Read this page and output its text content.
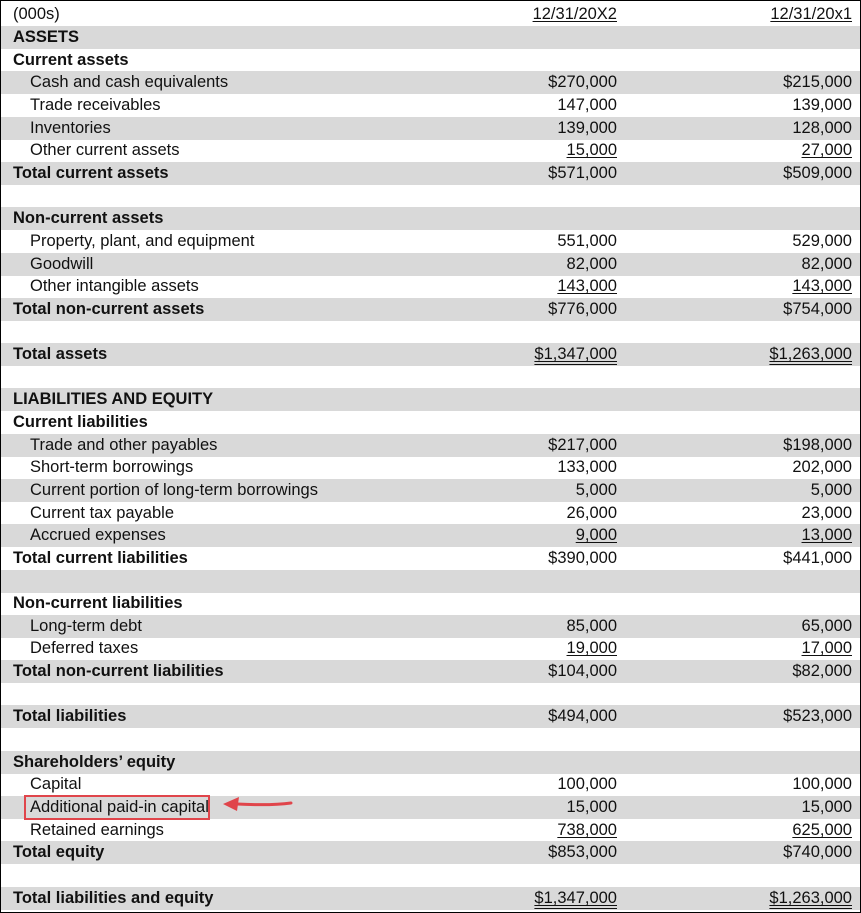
(000s)	12/31/20X2	12/31/20x1
ASSETS
Current assets
Cash and cash equivalents	$270,000	$215,000
Trade receivables	147,000	139,000
Inventories	139,000	128,000
Other current assets	15,000	27,000
Total current assets	$571,000	$509,000
Non-current assets
Property, plant, and equipment	551,000	529,000
Goodwill	82,000	82,000
Other intangible assets	143,000	143,000
Total non-current assets	$776,000	$754,000
Total assets	$1,347,000	$1,263,000
LIABILITIES AND EQUITY
Current liabilities
Trade and other payables	$217,000	$198,000
Short-term borrowings	133,000	202,000
Current portion of long-term borrowings	5,000	5,000
Current tax payable	26,000	23,000
Accrued expenses	9,000	13,000
Total current liabilities	$390,000	$441,000
Non-current liabilities
Long-term debt	85,000	65,000
Deferred taxes	19,000	17,000
Total non-current liabilities	$104,000	$82,000
Total liabilities	$494,000	$523,000
Shareholders’ equity
Capital	100,000	100,000
Additional paid-in capital	15,000	15,000
Retained earnings	738,000	625,000
Total equity	$853,000	$740,000
Total liabilities and equity	$1,347,000	$1,263,000
